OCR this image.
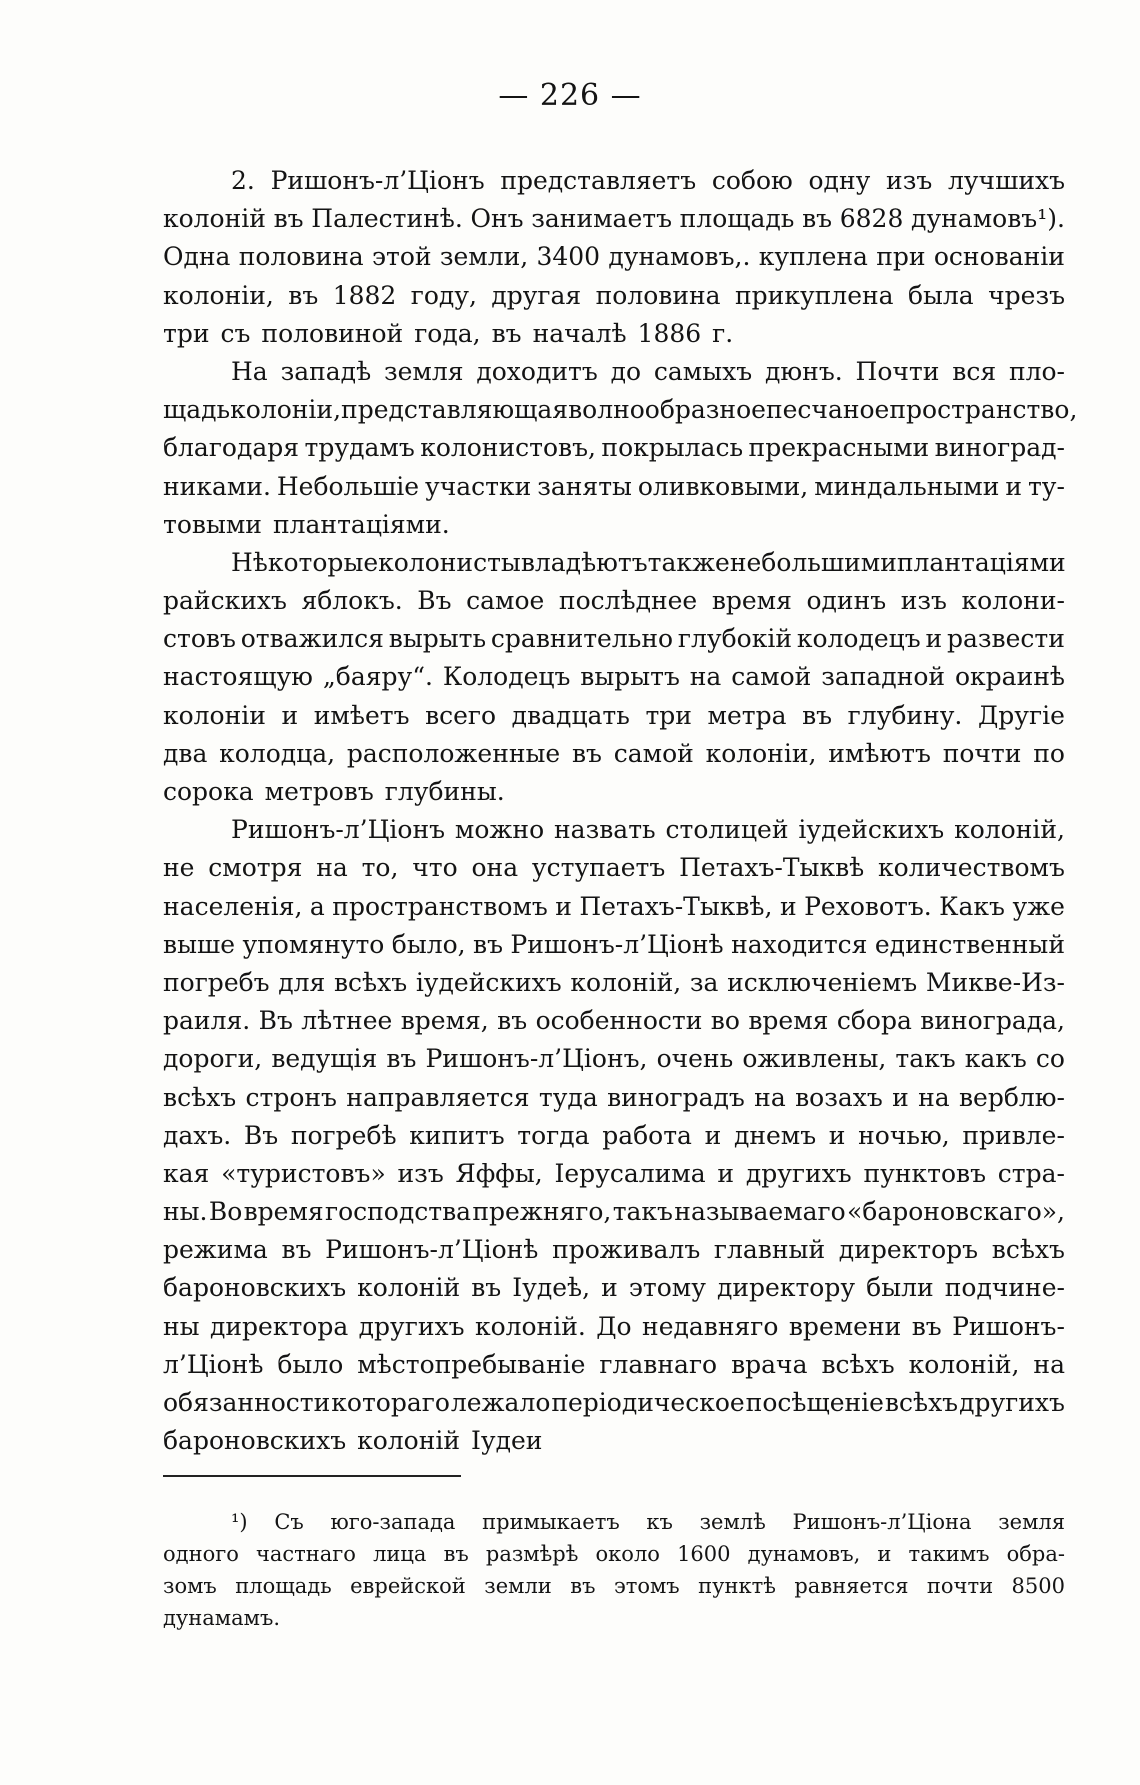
— 226 —
2. Ришонъ-л’Ціонъ представляетъ собою одну изъ лучшихъ
колоній въ Палестинѣ. Онъ занимаетъ площадь въ 6828 дунамовъ¹).
Одна половина этой земли, 3400 дунамовъ,. куплена при основаніи
колоніи, въ 1882 году, другая половина прикуплена была чрезъ
три съ половиной года, въ началѣ 1886 г.
На западѣ земля доходитъ до самыхъ дюнъ. Почти вся пло-
щадь колоніи, представляющая волнообразное песчаное пространство,
благодаря трудамъ колонистовъ, покрылась прекрасными виноград-
никами. Небольшіе участки заняты оливковыми, миндальными и ту-
товыми плантаціями.
Нѣкоторые колонисты владѣютъ также небольшими плантаціями
райскихъ яблокъ. Въ самое послѣднее время одинъ изъ колони-
стовъ отважился вырыть сравнительно глубокій колодецъ и развести
настоящую „баяру“. Колодецъ вырытъ на самой западной окраинѣ
колоніи и имѣетъ всего двадцать три метра въ глубину. Другіе
два колодца, расположенные въ самой колоніи, имѣютъ почти по
сорока метровъ глубины.
Ришонъ-л’Ціонъ можно назвать столицей іудейскихъ колоній,
не смотря на то, что она уступаетъ Петахъ-Тыквѣ количествомъ
населенія, а пространствомъ и Петахъ-Тыквѣ, и Реховотъ. Какъ уже
выше упомянуто было, въ Ришонъ-л’Ціонѣ находится единственный
погребъ для всѣхъ іудейскихъ колоній, за исключеніемъ Микве-Из-
раиля. Въ лѣтнее время, въ особенности во время сбора винограда,
дороги, ведущія въ Ришонъ-л’Ціонъ, очень оживлены, такъ какъ со
всѣхъ стронъ направляется туда виноградъ на возахъ и на верблю-
дахъ. Въ погребѣ кипитъ тогда работа и днемъ и ночью, привле-
кая «туристовъ» изъ Яффы, Іерусалима и другихъ пунктовъ стра-
ны. Во время господства прежняго, такъ называемаго «бароновскаго»,
режима въ Ришонъ-л’Ціонѣ проживалъ главный директоръ всѣхъ
бароновскихъ колоній въ Іудеѣ, и этому директору были подчине-
ны директора другихъ колоній. До недавняго времени въ Ришонъ-
л’Ціонѣ было мѣстопребываніе главнаго врача всѣхъ колоній, на
обязанности котораго лежало періодическое посѣщеніе всѣхъ другихъ
бароновскихъ колоній Іудеи
¹) Съ юго-запада примыкаетъ къ землѣ Ришонъ-л’Ціона земля
одного частнаго лица въ размѣрѣ около 1600 дунамовъ, и такимъ обра-
зомъ площадь еврейской земли въ этомъ пунктѣ равняется почти 8500
дунамамъ.
